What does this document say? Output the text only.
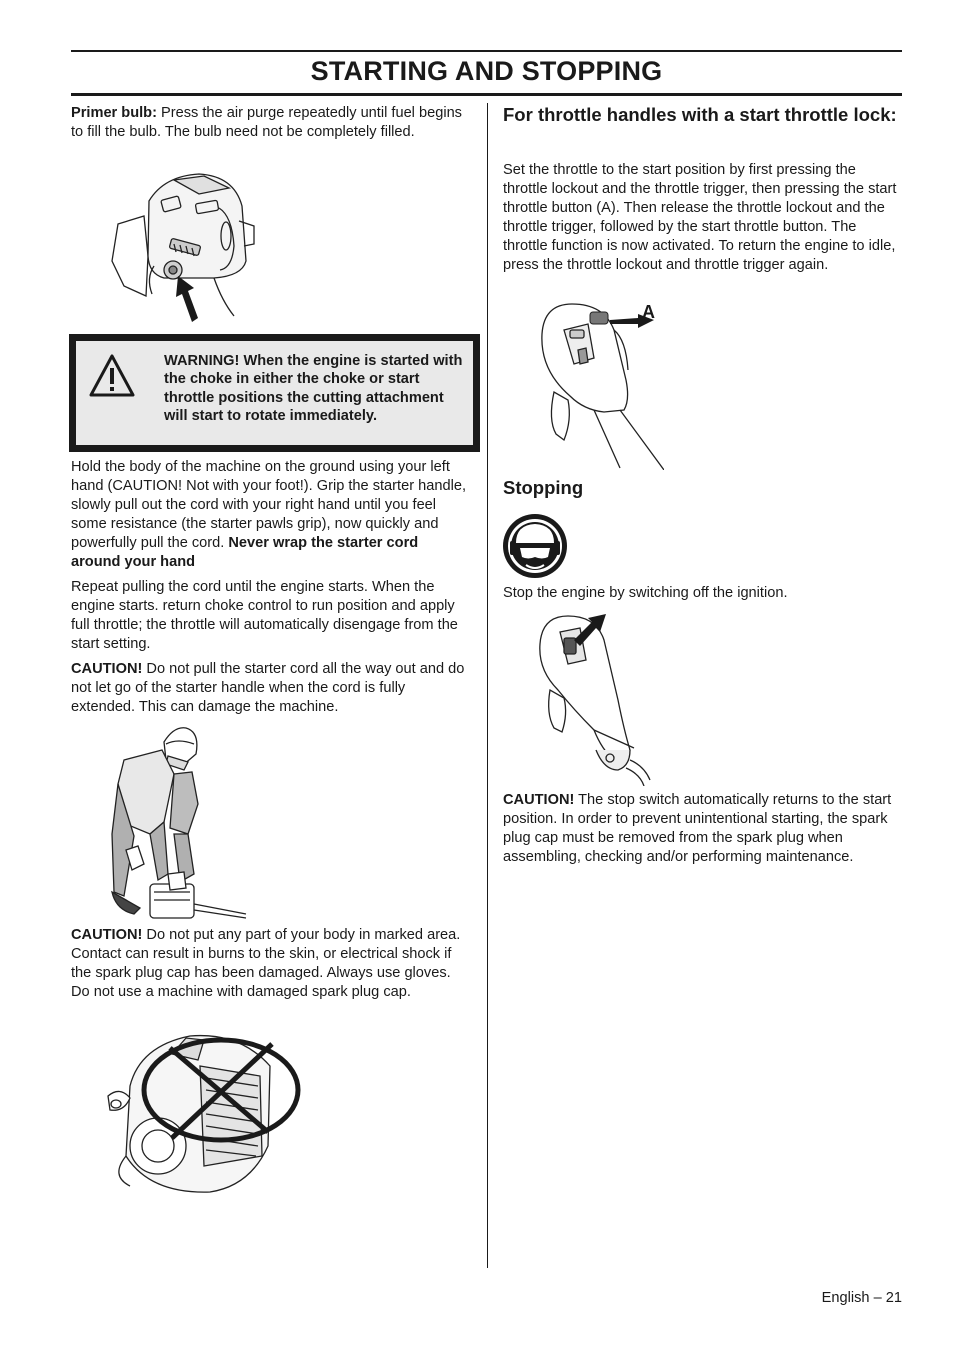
STARTING AND STOPPING

Primer bulb: Press the air purge repeatedly until fuel begins to fill the bulb. The bulb need not be completely filled.

WARNING! When the engine is started with the choke in either the choke or start throttle positions the cutting attachment will start to rotate immediately.

Hold the body of the machine on the ground using your left hand (CAUTION! Not with your foot!). Grip the starter handle, slowly pull out the cord with your right hand until you feel some resistance (the starter pawls grip), now quickly and powerfully pull the cord. Never wrap the starter cord around your hand

Repeat pulling the cord until the engine starts. When the engine starts. return choke control to run position and apply full throttle; the throttle will automatically disengage from the start setting.

CAUTION! Do not pull the starter cord all the way out and do not let go of the starter handle when the cord is fully extended. This can damage the machine.

CAUTION! Do not put any part of your body in marked area. Contact can result in burns to the skin, or electrical shock if the spark plug cap has been damaged. Always use gloves. Do not use a machine with damaged spark plug cap.

For throttle handles with a start throttle lock:

Set the throttle to the start position by first pressing the throttle lockout and the throttle trigger, then pressing the start throttle button (A). Then release the throttle lockout and the throttle trigger, followed by the start throttle button. The throttle function is now activated. To return the engine to idle, press the throttle lockout and throttle trigger again.

A
Stopping

Stop the engine by switching off the ignition.

CAUTION! The stop switch automatically returns to the start position. In order to prevent unintentional starting, the spark plug cap must be removed from the spark plug when assembling, checking and/or performing maintenance.

English – 21
